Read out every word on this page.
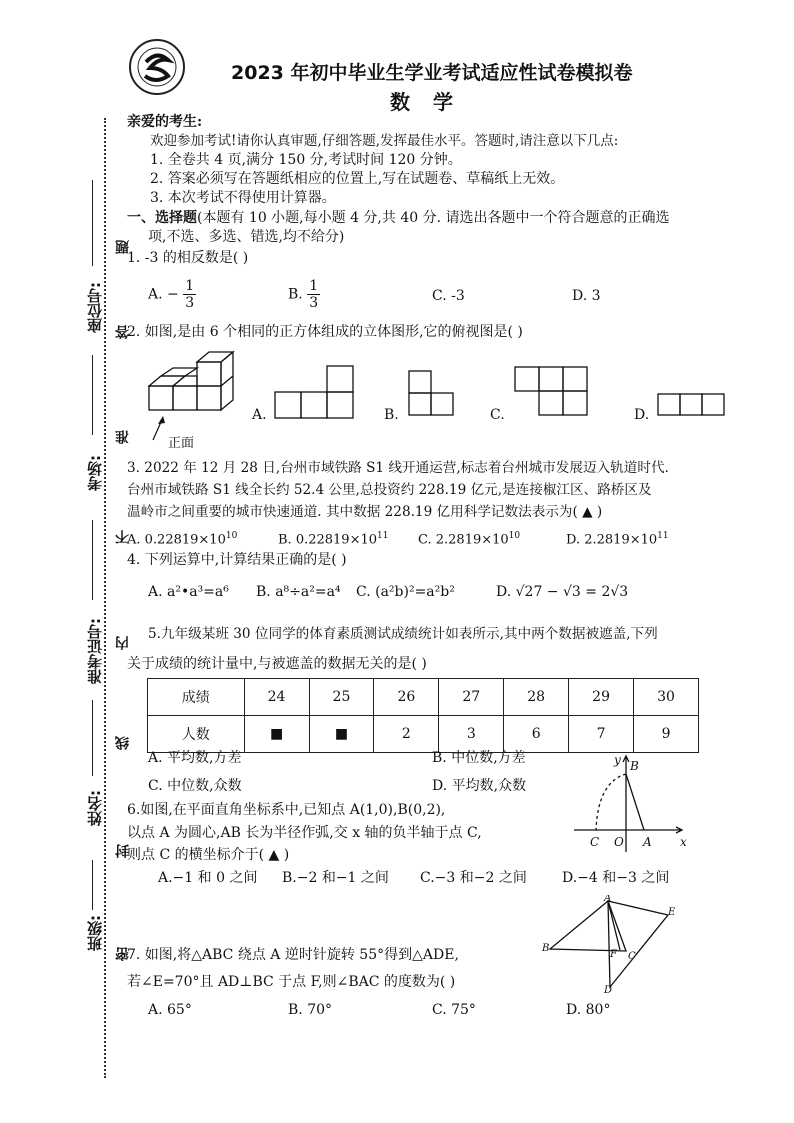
2023 年初中毕业生学业考试适应性试卷模拟卷
数 学
座位号:
考场:
准考证号:
姓名:
班级:
题
答
准
不
内
线
封
密
亲爱的考生:
欢迎参加考试!请你认真审题,仔细答题,发挥最佳水平。答题时,请注意以下几点:
1. 全卷共 4 页,满分 150 分,考试时间 120 分钟。
2. 答案必须写在答题纸相应的位置上,写在试题卷、草稿纸上无效。
3. 本次考试不得使用计算器。
一、选择题(本题有 10 小题,每小题 4 分,共 40 分. 请选出各题中一个符合题意的正确选
项,不选、多选、错选,均不给分)
1. -3 的相反数是( )
A. − $\frac{1}{3}$	B. $\frac{1}{3}$	C. -3	D. 3
2. 如图,是由 6 个相同的正方体组成的立体图形,它的俯视图是( )
正面
A.	B.	C.	D.
3. 2022 年 12 月 28 日,台州市域铁路 S1 线开通运营,标志着台州城市发展迈入轨道时代.
台州市域铁路 S1 线全长约 52.4 公里,总投资约 228.19 亿元,是连接椒江区、路桥区及
温岭市之间重要的城市快速通道. 其中数据 228.19 亿用科学记数法表示为( ▲ )
A. $0.22819\times 10^{10}$	B. $0.22819\times 10^{11}$ C. $2.2819\times 10^{10}$	D. $2.2819\times 10^{11}$
4. 下列运算中,计算结果正确的是( )
A. a²•a³=a⁶ B. a⁸÷a²=a⁴ C. (a²b)²=a²b²	D. √27 − √3 = 2√3
5.九年级某班 30 位同学的体育素质测试成绩统计如表所示,其中两个数据被遮盖,下列
关于成绩的统计量中,与被遮盖的数据无关的是( )
成绩	24	25	26	27	28	29	30
人数	■	■	2	3	6	7	9
A. 平均数,方差	B. 中位数,方差
C. 中位数,众数	D. 平均数,众数
6.如图,在平面直角坐标系中,已知点 A(1,0),B(0,2),
以点 A 为圆心,AB 长为半径作弧,交 x 轴的负半轴于点 C,
则点 C 的横坐标介于( ▲ )
y
x
B
C O A
A.−1 和 0 之间 B.−2 和−1 之间 C.−3 和−2 之间	D.−4 和−3 之间
A
B
C
D
E
F
7. 如图,将△ABC 绕点 A 逆时针旋转 55°得到△ADE,
若∠E=70°且 AD⊥BC 于点 F,则∠BAC 的度数为( )
A. 65°	B. 70°	C. 75°	D. 80°
